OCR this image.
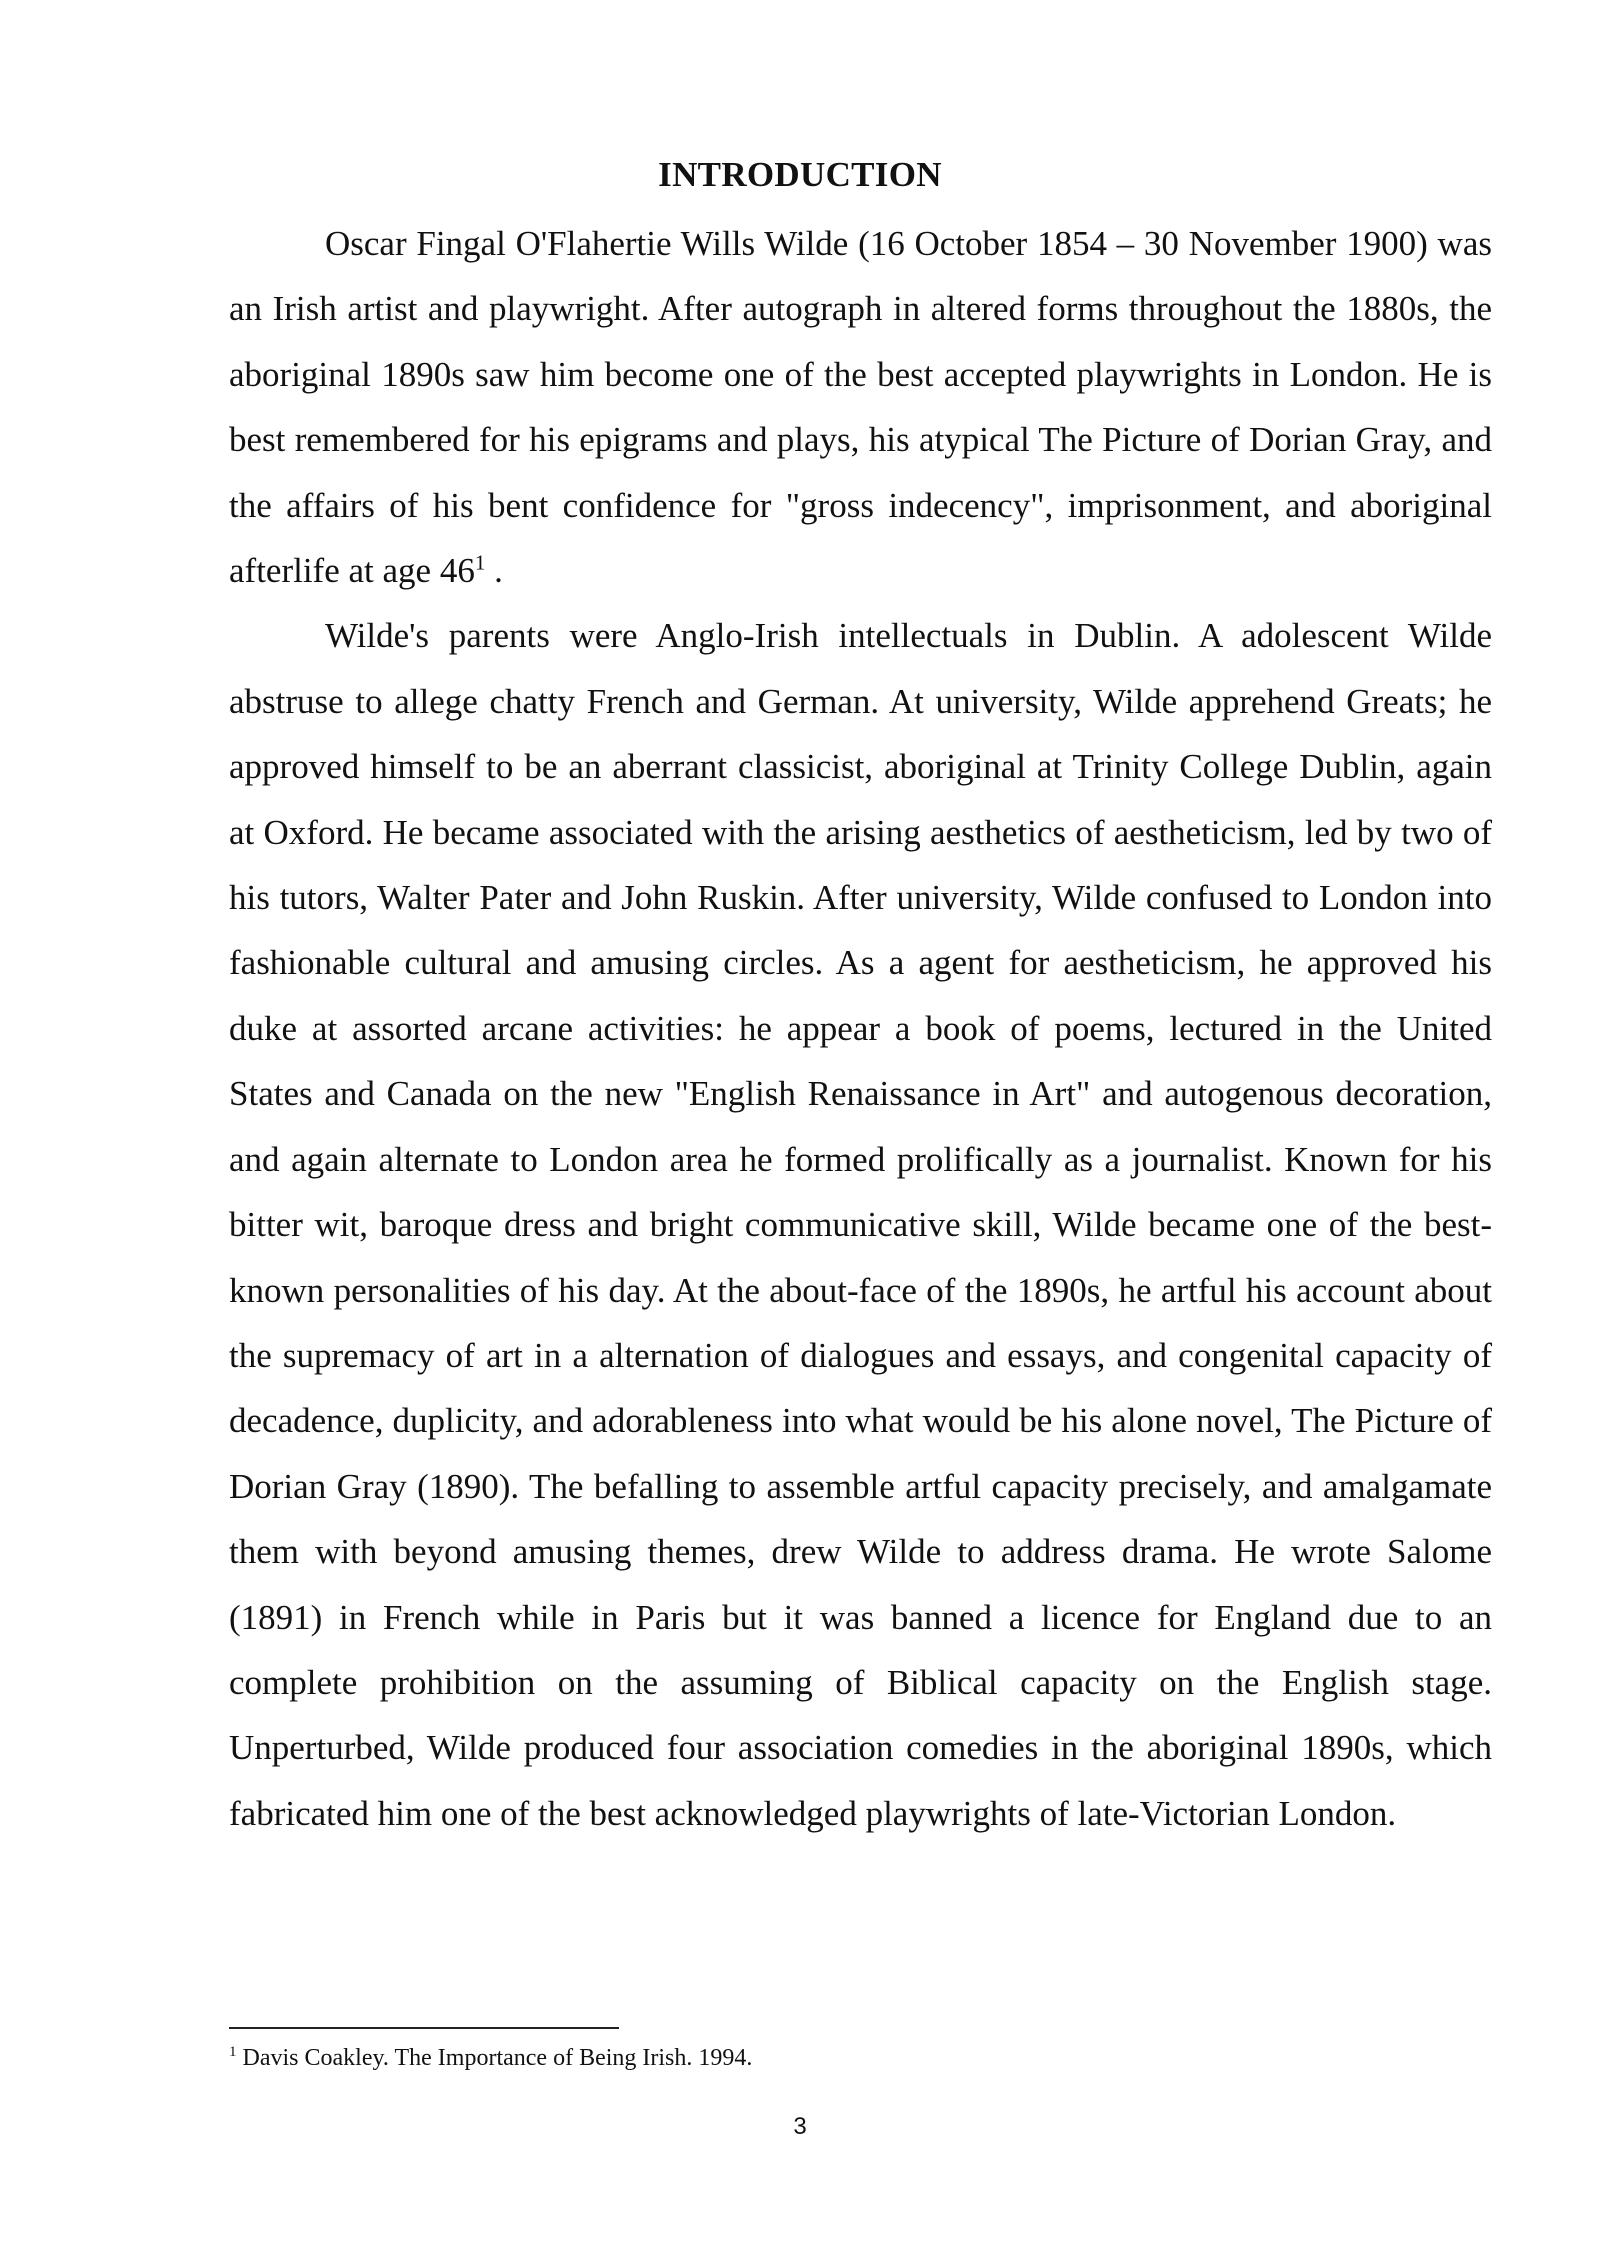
INTRODUCTION

Oscar Fingal O'Flahertie Wills Wilde (16 October 1854 – 30 November 1900) was an Irish artist and playwright. After autograph in altered forms throughout the 1880s, the aboriginal 1890s saw him become one of the best accepted playwrights in London. He is best remembered for his epigrams and plays, his atypical The Picture of Dorian Gray, and the affairs of his bent confidence for "gross indecency", imprisonment, and aboriginal afterlife at age $46^1$ .

Wilde's parents were Anglo-Irish intellectuals in Dublin. A adolescent Wilde abstruse to allege chatty French and German. At university, Wilde apprehend Greats; he approved himself to be an aberrant classicist, aboriginal at Trinity College Dublin, again at Oxford. He became associated with the arising aesthetics of aestheticism, led by two of his tutors, Walter Pater and John Ruskin. After university, Wilde confused to London into fashionable cultural and amusing circles. As a agent for aestheticism, he approved his duke at assorted arcane activities: he appear a book of poems, lectured in the United States and Canada on the new "English Renaissance in Art" and autogenous decoration, and again alternate to London area he formed prolifically as a journalist. Known for his bitter wit, baroque dress and bright communicative skill, Wilde became one of the best-known personalities of his day. At the about-face of the 1890s, he artful his account about the supremacy of art in a alternation of dialogues and essays, and congenital capacity of decadence, duplicity, and adorableness into what would be his alone novel, The Picture of Dorian Gray (1890). The befalling to assemble artful capacity precisely, and amalgamate them with beyond amusing themes, drew Wilde to address drama. He wrote Salome (1891) in French while in Paris but it was banned a licence for England due to an complete prohibition on the assuming of Biblical capacity on the English stage. Unperturbed, Wilde produced four association comedies in the aboriginal 1890s, which fabricated him one of the best acknowledged playwrights of late-Victorian London.

$^1$ Davis Coakley. The Importance of Being Irish. 1994.
3
